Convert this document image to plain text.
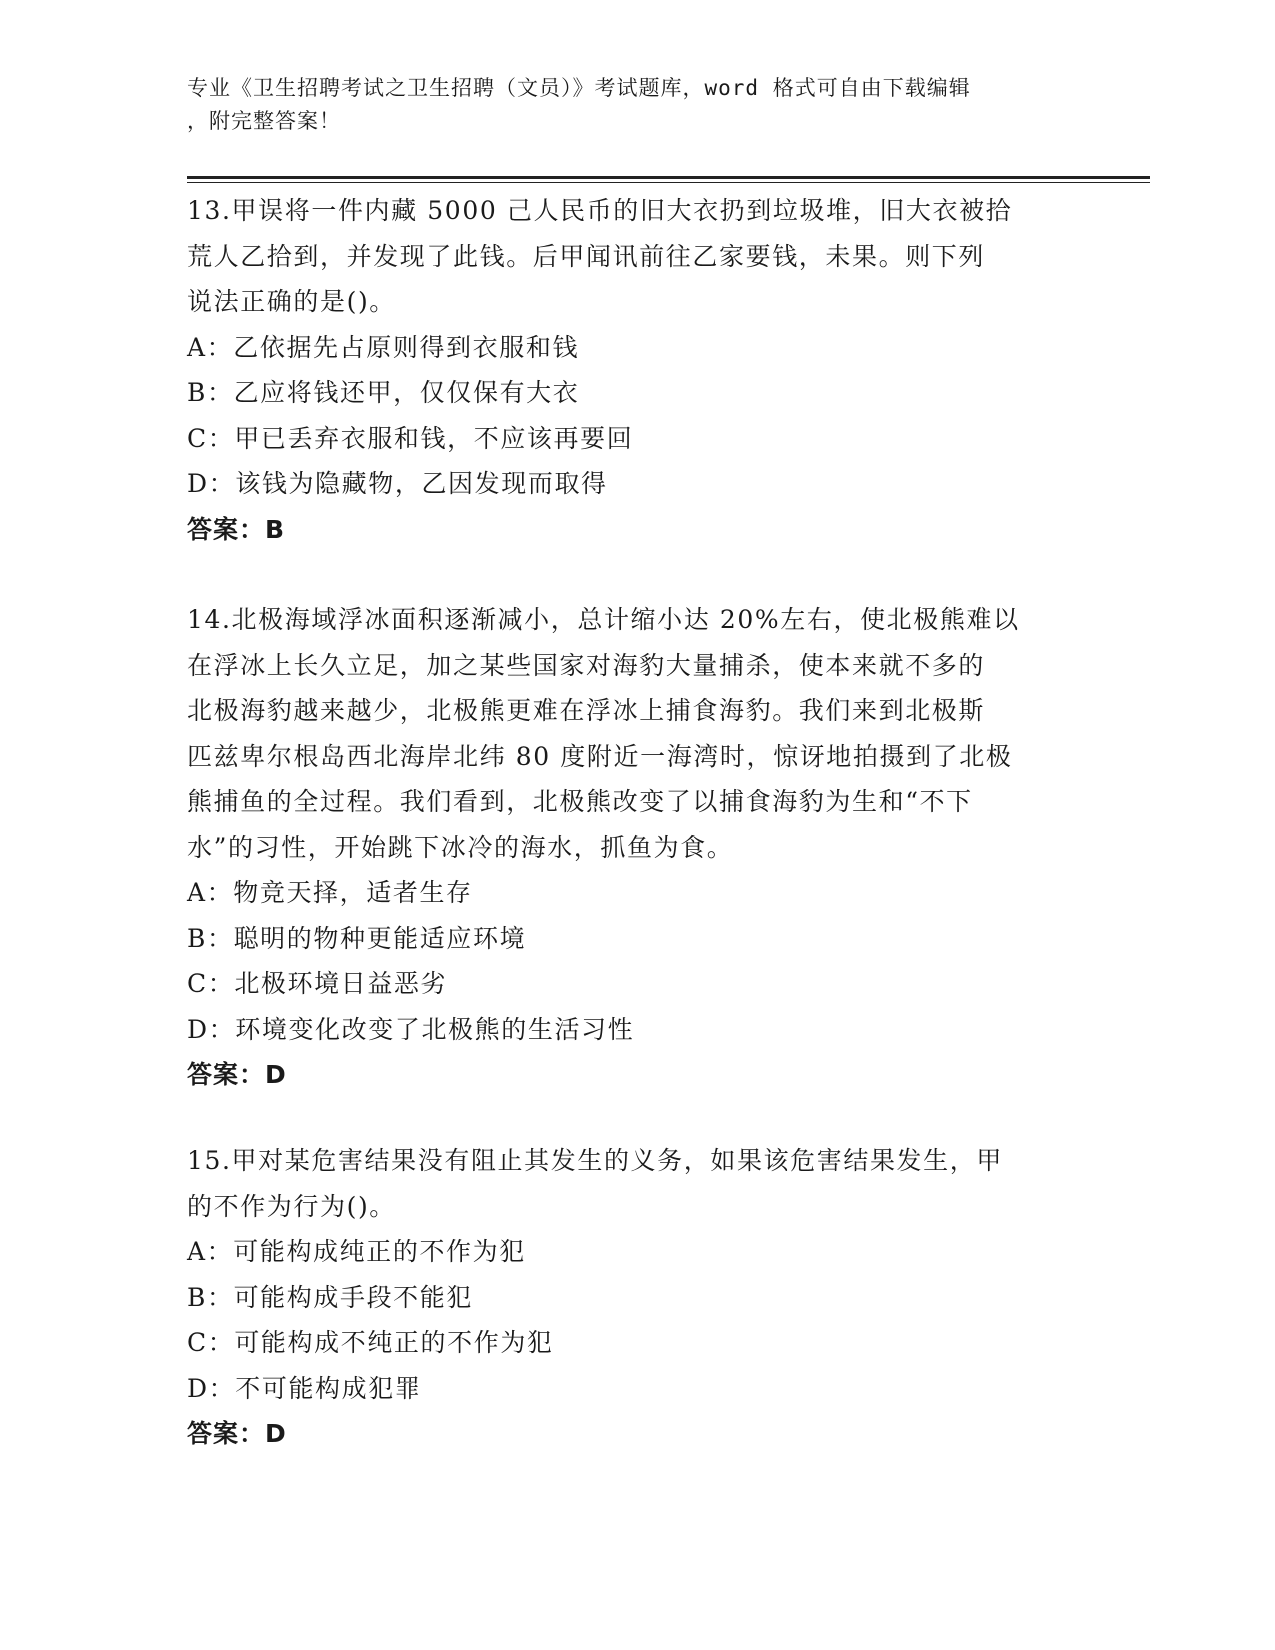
专业《卫生招聘考试之卫生招聘（文员）》考试题库，word 格式可自由下载编辑
，附完整答案！
13.甲误将一件内藏 5000 己人民币的旧大衣扔到垃圾堆，旧大衣被拾
荒人乙拾到，并发现了此钱。后甲闻讯前往乙家要钱，未果。则下列
说法正确的是()。
A：乙依据先占原则得到衣服和钱
B：乙应将钱还甲，仅仅保有大衣
C：甲已丢弃衣服和钱，不应该再要回
D：该钱为隐藏物，乙因发现而取得
答案：B
14.北极海域浮冰面积逐渐减小，总计缩小达 20%左右，使北极熊难以
在浮冰上长久立足，加之某些国家对海豹大量捕杀，使本来就不多的
北极海豹越来越少，北极熊更难在浮冰上捕食海豹。我们来到北极斯
匹兹卑尔根岛西北海岸北纬 80 度附近一海湾时，惊讶地拍摄到了北极
熊捕鱼的全过程。我们看到，北极熊改变了以捕食海豹为生和“不下
水”的习性，开始跳下冰冷的海水，抓鱼为食。
A：物竞天择，适者生存
B：聪明的物种更能适应环境
C：北极环境日益恶劣
D：环境变化改变了北极熊的生活习性
答案：D
15.甲对某危害结果没有阻止其发生的义务，如果该危害结果发生，甲
的不作为行为()。
A：可能构成纯正的不作为犯
B：可能构成手段不能犯
C：可能构成不纯正的不作为犯
D：不可能构成犯罪
答案：D
